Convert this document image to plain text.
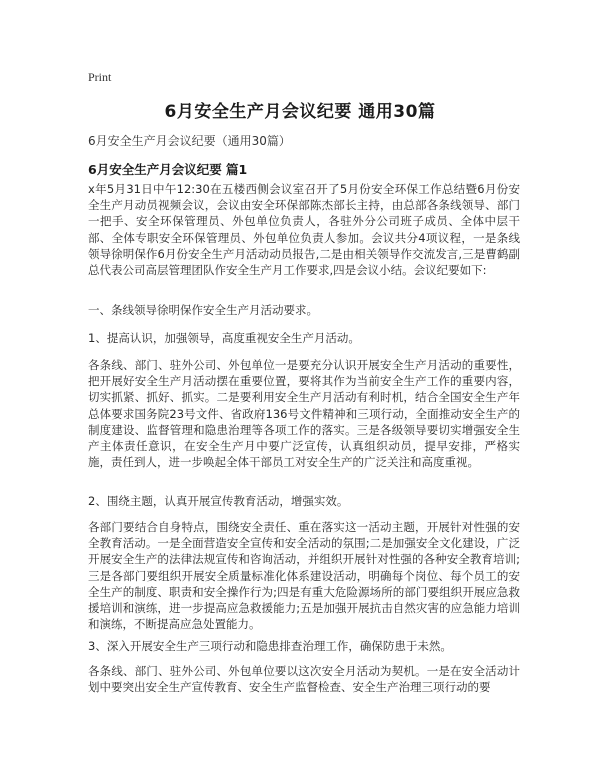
Print
6月安全生产月会议纪要 通用30篇
6月安全生产月会议纪要（通用30篇）
6月安全生产月会议纪要 篇1

x年5月31日中午12:30在五楼西侧会议室召开了5月份安全环保工作总结暨6月份安全生产月动员视频会议，会议由安全环保部陈杰部长主持，由总部各条线领导、部门一把手、安全环保管理员、外包单位负责人，各驻外分公司班子成员、全体中层干部、全体专职安全环保管理员、外包单位负责人参加。会议共分4项议程，一是条线领导徐明保作6月份安全生产月活动动员报告,二是由相关领导作交流发言,三是曹鹤副总代表公司高层管理团队作安全生产月工作要求,四是会议小结。会议纪要如下:

一、条线领导徐明保作安全生产月活动要求。

1、提高认识，加强领导，高度重视安全生产月活动。

各条线、部门、驻外公司、外包单位一是要充分认识开展安全生产月活动的重要性，把开展好安全生产月活动摆在重要位置，要将其作为当前安全生产工作的重要内容，切实抓紧、抓好、抓实。二是要利用安全生产月活动有利时机，结合全国安全生产年总体要求国务院23号文件、省政府136号文件精神和三项行动，全面推动安全生产的制度建设、监督管理和隐患治理等各项工作的落实。三是各级领导要切实增强安全生产主体责任意识，在安全生产月中要广泛宣传，认真组织动员，提早安排，严格实施，责任到人，进一步唤起全体干部员工对安全生产的广泛关注和高度重视。

2、围绕主题，认真开展宣传教育活动，增强实效。

各部门要结合自身特点，围绕安全责任、重在落实这一活动主题，开展针对性强的安全教育活动。一是全面营造安全宣传和安全活动的氛围;二是加强安全文化建设，广泛开展安全生产的法律法规宣传和咨询活动，并组织开展针对性强的各种安全教育培训;三是各部门要组织开展安全质量标准化体系建设活动，明确每个岗位、每个员工的安全生产的制度、职责和安全操作行为;四是有重大危险源场所的部门要组织开展应急救援培训和演练，进一步提高应急救援能力;五是加强开展抗击自然灾害的应急能力培训和演练，不断提高应急处置能力。

3、深入开展安全生产三项行动和隐患排查治理工作，确保防患于未然。

各条线、部门、驻外公司、外包单位要以这次安全月活动为契机。一是在安全活动计划中要突出安全生产宣传教育、安全生产监督检查、安全生产治理三项行动的要
